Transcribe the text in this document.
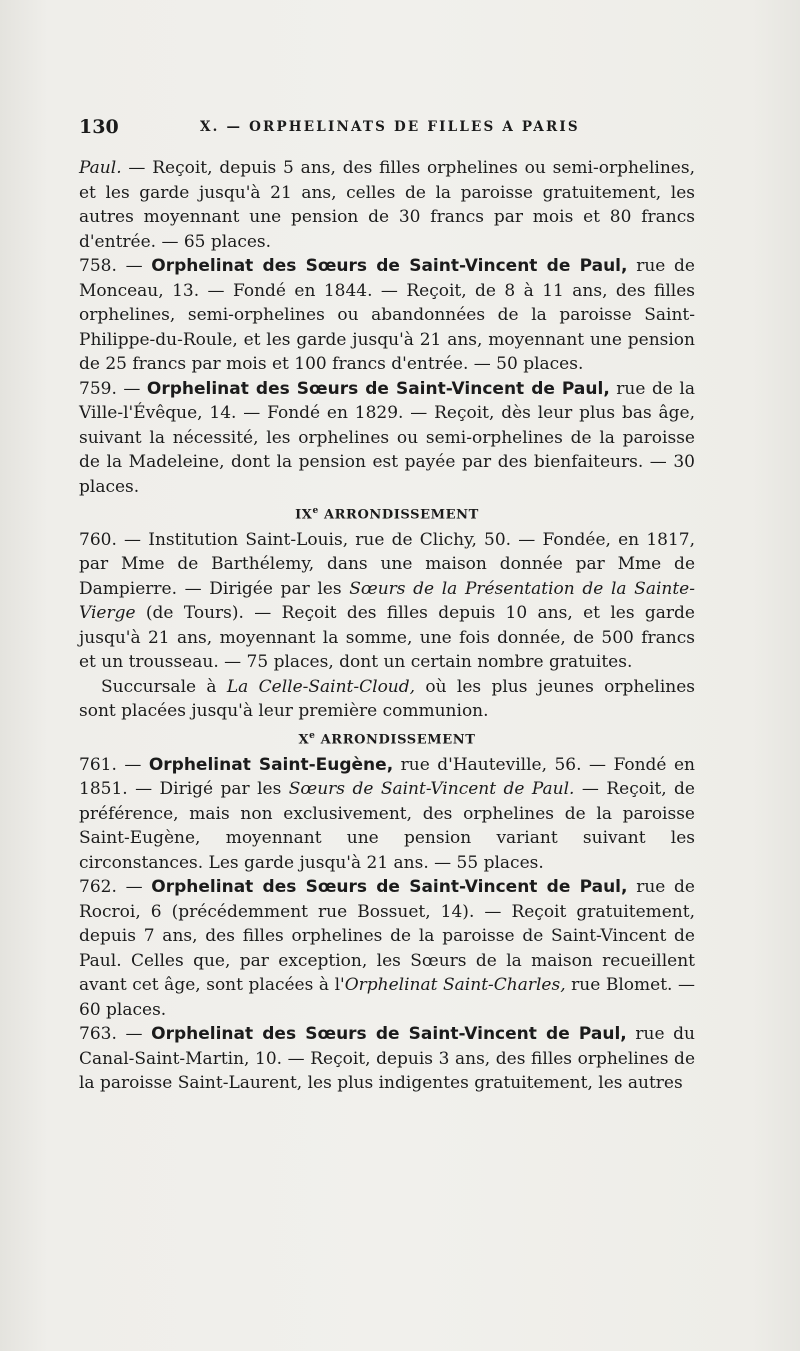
130	X. — ORPHELINATS DE FILLES A PARIS

Paul. — Reçoit, depuis 5 ans, des filles orphelines ou semi-orphelines, et les garde jusqu'à 21 ans, celles de la paroisse gratuitement, les autres moyennant une pension de 30 francs par mois et 80 francs d'entrée. — 65 places.

758. — Orphelinat des Sœurs de Saint-Vincent de Paul, rue de Monceau, 13. — Fondé en 1844. — Reçoit, de 8 à 11 ans, des filles orphelines, semi-orphelines ou abandonnées de la paroisse Saint-Philippe-du-Roule, et les garde jusqu'à 21 ans, moyennant une pension de 25 francs par mois et 100 francs d'entrée. — 50 places.

759. — Orphelinat des Sœurs de Saint-Vincent de Paul, rue de la Ville-l'Évêque, 14. — Fondé en 1829. — Reçoit, dès leur plus bas âge, suivant la nécessité, les orphelines ou semi-orphelines de la paroisse de la Madeleine, dont la pension est payée par des bienfaiteurs. — 30 places.

IXe ARRONDISSEMENT

760. — Institution Saint-Louis, rue de Clichy, 50. — Fondée, en 1817, par Mme de Barthélemy, dans une maison donnée par Mme de Dampierre. — Dirigée par les Sœurs de la Présentation de la Sainte-Vierge (de Tours). — Reçoit des filles depuis 10 ans, et les garde jusqu'à 21 ans, moyennant la somme, une fois donnée, de 500 francs et un trousseau. — 75 places, dont un certain nombre gratuites.

Succursale à La Celle-Saint-Cloud, où les plus jeunes orphelines sont placées jusqu'à leur première communion.

Xe ARRONDISSEMENT

761. — Orphelinat Saint-Eugène, rue d'Hauteville, 56. — Fondé en 1851. — Dirigé par les Sœurs de Saint-Vincent de Paul. — Reçoit, de préférence, mais non exclusivement, des orphelines de la paroisse Saint-Eugène, moyennant une pension variant suivant les circonstances. Les garde jusqu'à 21 ans. — 55 places.

762. — Orphelinat des Sœurs de Saint-Vincent de Paul, rue de Rocroi, 6 (précédemment rue Bossuet, 14). — Reçoit gratuitement, depuis 7 ans, des filles orphelines de la paroisse de Saint-Vincent de Paul. Celles que, par exception, les Sœurs de la maison recueillent avant cet âge, sont placées à l'Orphelinat Saint-Charles, rue Blomet. — 60 places.

763. — Orphelinat des Sœurs de Saint-Vincent de Paul, rue du Canal-Saint-Martin, 10. — Reçoit, depuis 3 ans, des filles orphelines de la paroisse Saint-Laurent, les plus indigentes gratuitement, les autres
